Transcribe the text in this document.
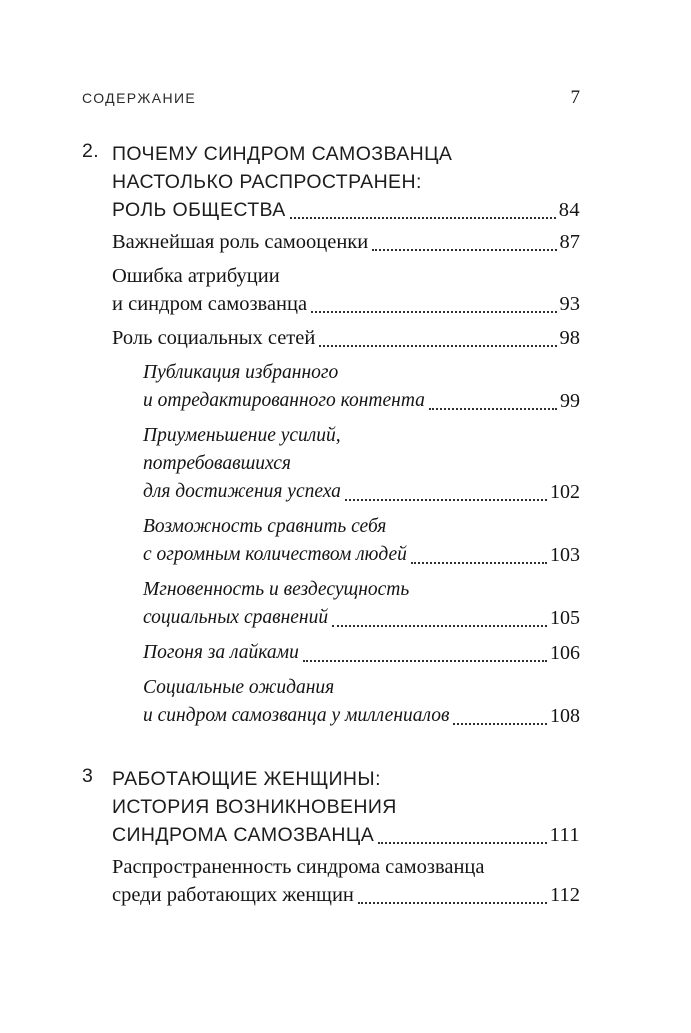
СОДЕРЖАНИЕ	7
2. ПОЧЕМУ СИНДРОМ САМОЗВАНЦА
НАСТОЛЬКО РАСПРОСТРАНЕН:
РОЛЬ ОБЩЕСТВА	84
Важнейшая роль самооценки	87
Ошибка атрибуции
и синдром самозванца	93
Роль социальных сетей	98
Публикация избранного
и отредактированного контента	99
Приуменьшение усилий,
потребовавшихся
для достижения успеха	102
Возможность сравнить себя
с огромным количеством людей	103
Мгновенность и вездесущность
социальных сравнений	105
Погоня за лайками	106
Социальные ожидания
и синдром самозванца у миллениалов	108
3 РАБОТАЮЩИЕ ЖЕНЩИНЫ:
ИСТОРИЯ ВОЗНИКНОВЕНИЯ
СИНДРОМА САМОЗВАНЦА	111
Распространенность синдрома самозванца
среди работающих женщин	112
